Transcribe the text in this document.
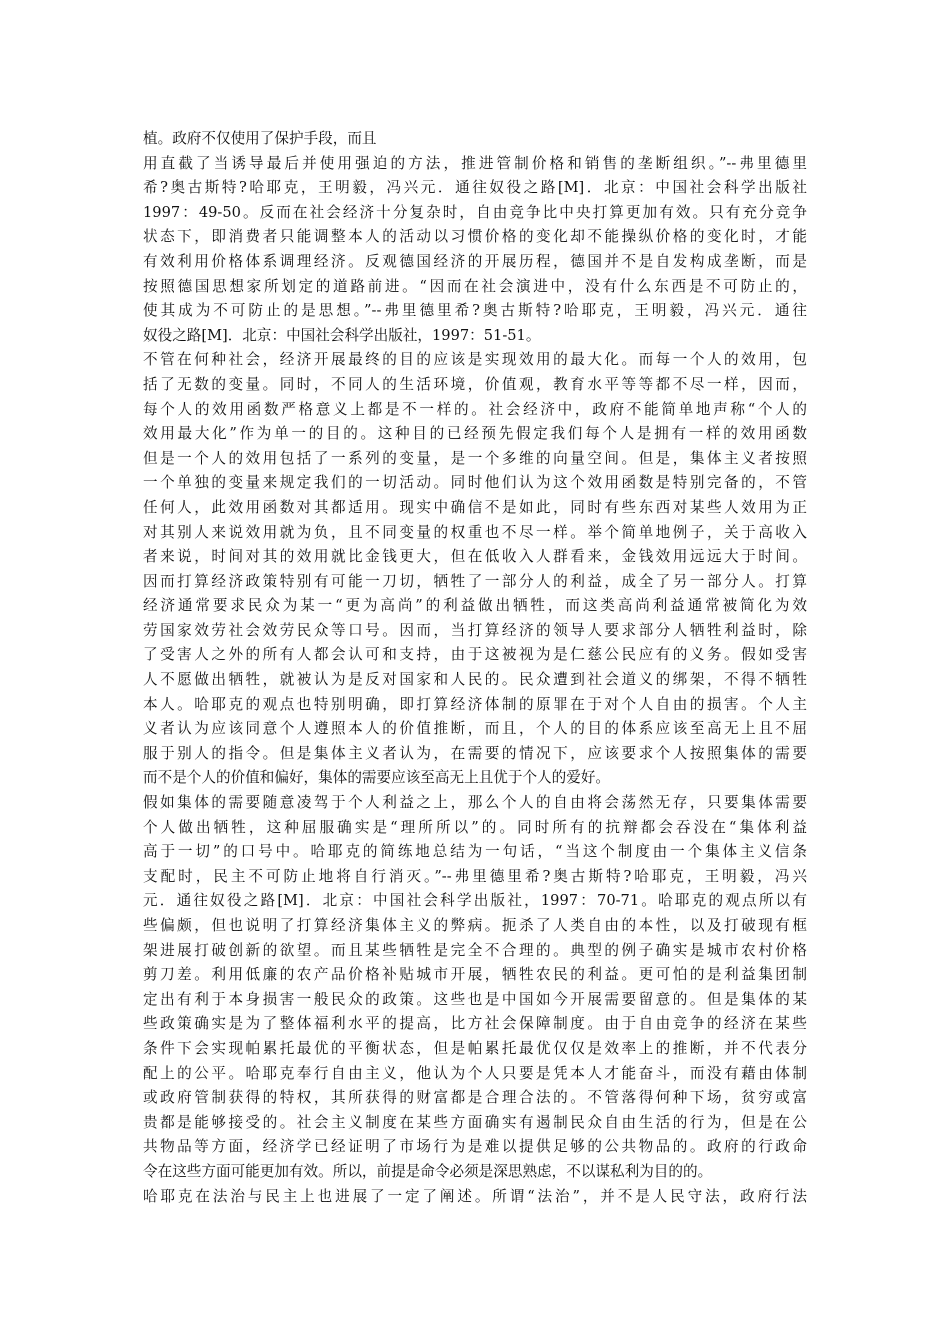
植。政府不仅使用了保护手段，而且
用直截了当诱导最后并使用强迫的方法，推进管制价格和销售的垄断组织。”--弗里德里
希?奥古斯特?哈耶克，王明毅，冯兴元．通往奴役之路[M]．北京：中国社会科学出版社
1997：49-50。反而在社会经济十分复杂时，自由竞争比中央打算更加有效。只有充分竞争
状态下，即消费者只能调整本人的活动以习惯价格的变化却不能操纵价格的变化时，才能
有效利用价格体系调理经济。反观德国经济的开展历程，德国并不是自发构成垄断，而是
按照德国思想家所划定的道路前进。“因而在社会演进中，没有什么东西是不可防止的，
使其成为不可防止的是思想。”--弗里德里希?奥古斯特?哈耶克，王明毅，冯兴元．通往
奴役之路[M]．北京：中国社会科学出版社，1997：51-51。
不管在何种社会，经济开展最终的目的应该是实现效用的最大化。而每一个人的效用，包
括了无数的变量。同时，不同人的生活环境，价值观，教育水平等等都不尽一样，因而，
每个人的效用函数严格意义上都是不一样的。社会经济中，政府不能简单地声称“个人的
效用最大化”作为单一的目的。这种目的已经预先假定我们每个人是拥有一样的效用函数
但是一个人的效用包括了一系列的变量，是一个多维的向量空间。但是，集体主义者按照
一个单独的变量来规定我们的一切活动。同时他们认为这个效用函数是特别完备的，不管
任何人，此效用函数对其都适用。现实中确信不是如此，同时有些东西对某些人效用为正
对其别人来说效用就为负，且不同变量的权重也不尽一样。举个简单地例子，关于高收入
者来说，时间对其的效用就比金钱更大，但在低收入人群看来，金钱效用远远大于时间。
因而打算经济政策特别有可能一刀切，牺牲了一部分人的利益，成全了另一部分人。打算
经济通常要求民众为某一“更为高尚”的利益做出牺牲，而这类高尚利益通常被简化为效
劳国家效劳社会效劳民众等口号。因而，当打算经济的领导人要求部分人牺牲利益时，除
了受害人之外的所有人都会认可和支持，由于这被视为是仁慈公民应有的义务。假如受害
人不愿做出牺牲，就被认为是反对国家和人民的。民众遭到社会道义的绑架，不得不牺牲
本人。哈耶克的观点也特别明确，即打算经济体制的原罪在于对个人自由的损害。个人主
义者认为应该同意个人遵照本人的价值推断，而且，个人的目的体系应该至高无上且不屈
服于别人的指令。但是集体主义者认为，在需要的情况下，应该要求个人按照集体的需要
而不是个人的价值和偏好，集体的需要应该至高无上且优于个人的爱好。
假如集体的需要随意凌驾于个人利益之上，那么个人的自由将会荡然无存，只要集体需要
个人做出牺牲，这种屈服确实是“理所所以”的。同时所有的抗辩都会吞没在“集体利益
高于一切”的口号中。哈耶克的简练地总结为一句话，“当这个制度由一个集体主义信条
支配时，民主不可防止地将自行消灭。”--弗里德里希?奥古斯特?哈耶克，王明毅，冯兴
元．通往奴役之路[M]．北京：中国社会科学出版社，1997：70-71。哈耶克的观点所以有
些偏颇，但也说明了打算经济集体主义的弊病。扼杀了人类自由的本性，以及打破现有框
架进展打破创新的欲望。而且某些牺牲是完全不合理的。典型的例子确实是城市农村价格
剪刀差。利用低廉的农产品价格补贴城市开展，牺牲农民的利益。更可怕的是利益集团制
定出有利于本身损害一般民众的政策。这些也是中国如今开展需要留意的。但是集体的某
些政策确实是为了整体福利水平的提高，比方社会保障制度。由于自由竞争的经济在某些
条件下会实现帕累托最优的平衡状态，但是帕累托最优仅仅是效率上的推断，并不代表分
配上的公平。哈耶克奉行自由主义，他认为个人只要是凭本人才能奋斗，而没有藉由体制
或政府管制获得的特权，其所获得的财富都是合理合法的。不管落得何种下场，贫穷或富
贵都是能够接受的。社会主义制度在某些方面确实有遏制民众自由生活的行为，但是在公
共物品等方面，经济学已经证明了市场行为是难以提供足够的公共物品的。政府的行政命
令在这些方面可能更加有效。所以，前提是命令必须是深思熟虑，不以谋私利为目的的。
哈耶克在法治与民主上也进展了一定了阐述。所谓“法治”，并不是人民守法，政府行法
